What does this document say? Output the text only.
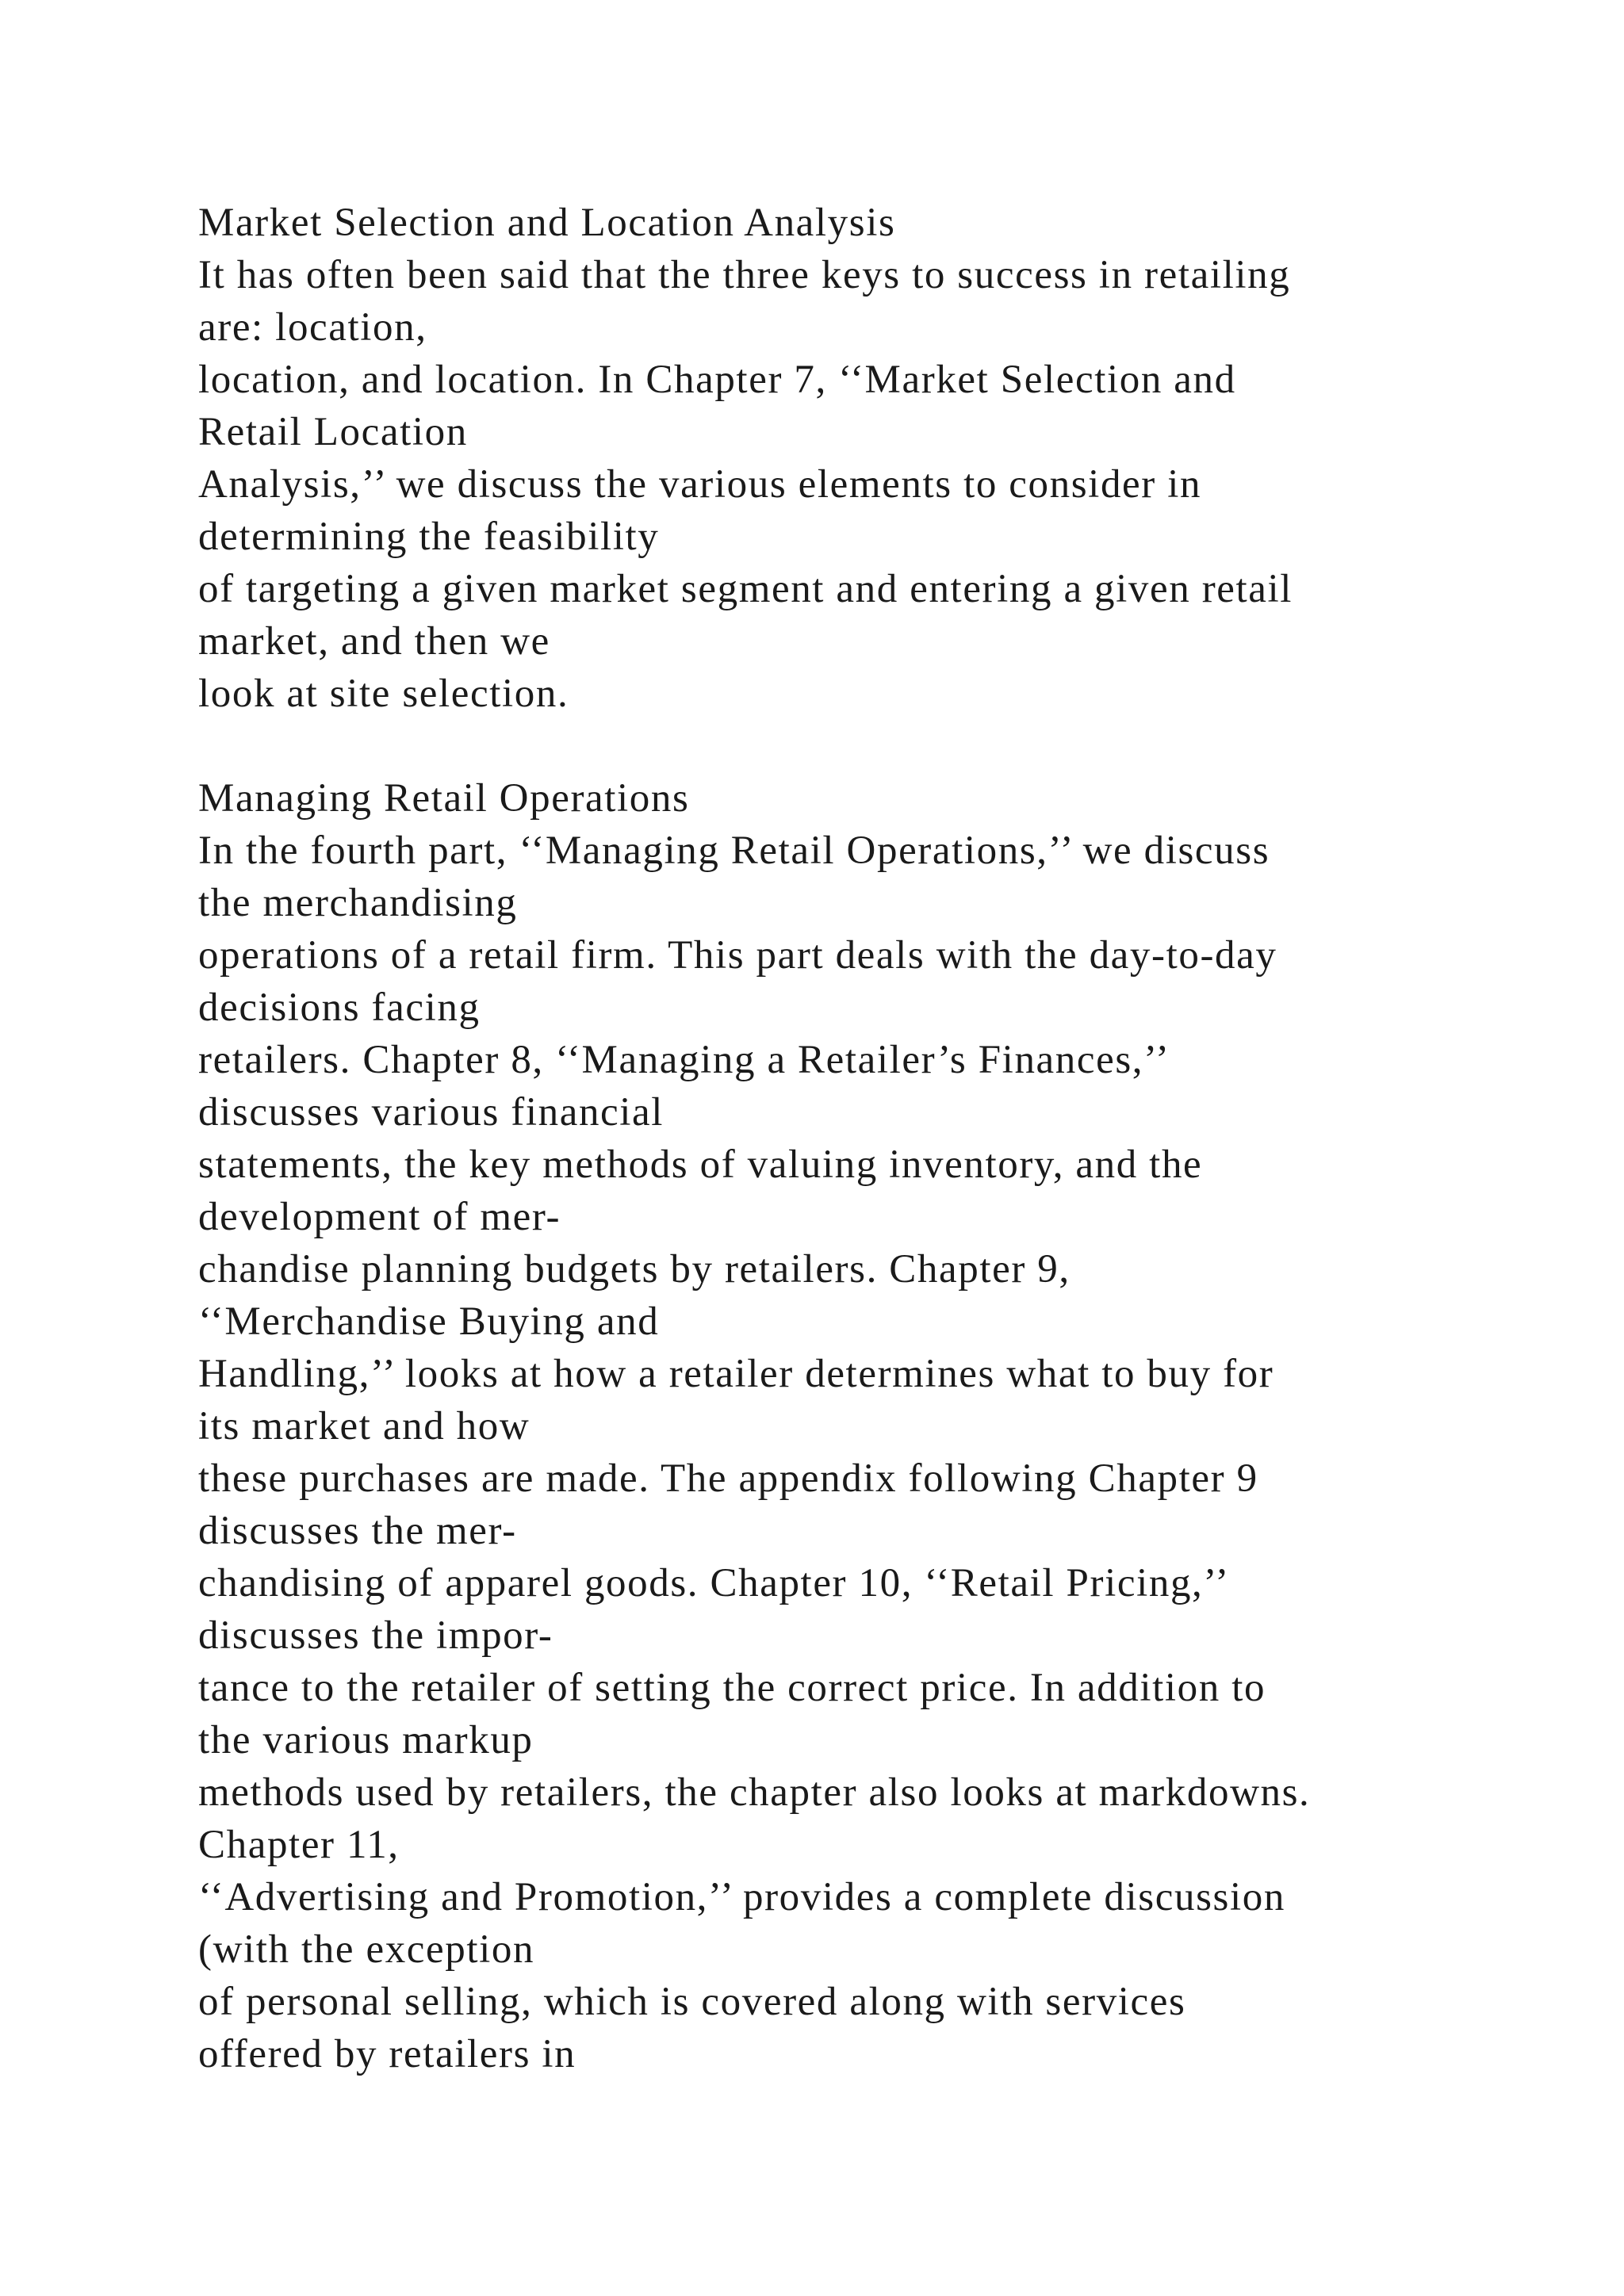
Market Selection and Location Analysis
It has often been said that the three keys to success in retailing
are: location,
location, and location. In Chapter 7, ‘‘Market Selection and
Retail Location
Analysis,’’ we discuss the various elements to consider in
determining the feasibility
of targeting a given market segment and entering a given retail
market, and then we
look at site selection.
Managing Retail Operations
In the fourth part, ‘‘Managing Retail Operations,’’ we discuss
the merchandising
operations of a retail firm. This part deals with the day-to-day
decisions facing
retailers. Chapter 8, ‘‘Managing a Retailer’s Finances,’’
discusses various financial
statements, the key methods of valuing inventory, and the
development of mer-
chandise planning budgets by retailers. Chapter 9,
‘‘Merchandise Buying and
Handling,’’ looks at how a retailer determines what to buy for
its market and how
these purchases are made. The appendix following Chapter 9
discusses the mer-
chandising of apparel goods. Chapter 10, ‘‘Retail Pricing,’’
discusses the impor-
tance to the retailer of setting the correct price. In addition to
the various markup
methods used by retailers, the chapter also looks at markdowns.
Chapter 11,
‘‘Advertising and Promotion,’’ provides a complete discussion
(with the exception
of personal selling, which is covered along with services
offered by retailers in
